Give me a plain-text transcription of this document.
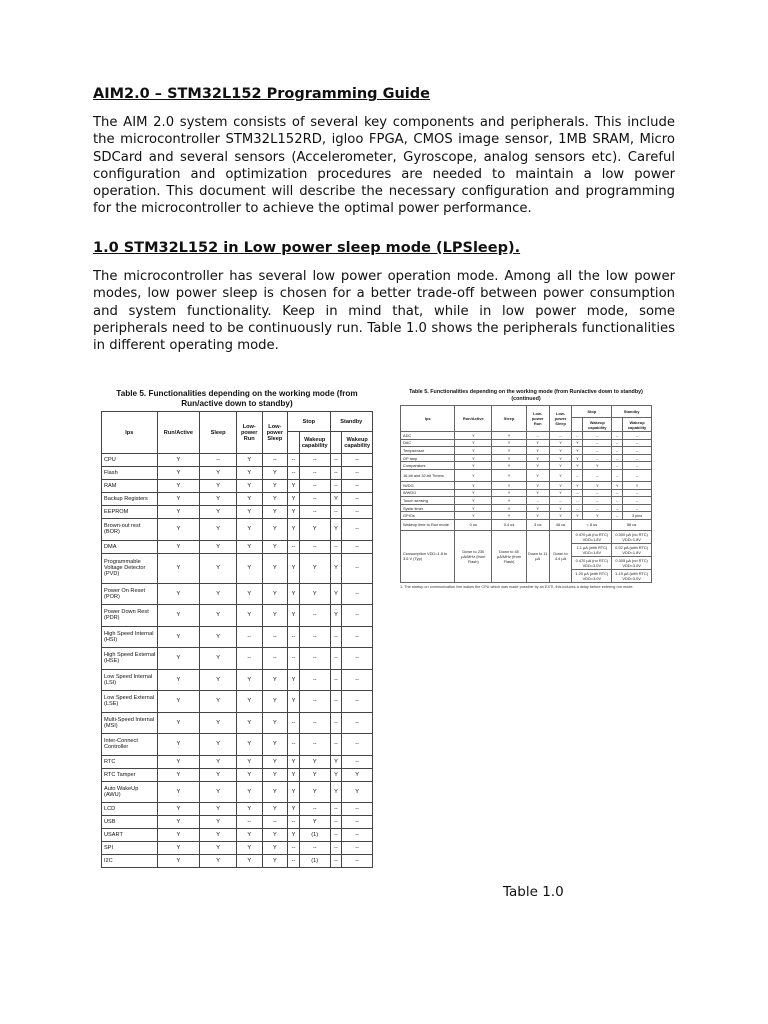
AIM2.0 – STM32L152 Programming Guide

The AIM 2.0 system consists of several key components and peripherals. This include the microcontroller STM32L152RD, igloo FPGA, CMOS image sensor, 1MB SRAM, Micro SDCard and several sensors (Accelerometer, Gyroscope, analog sensors etc). Careful configuration and optimization procedures are needed to maintain a low power operation. This document will describe the necessary configuration and programming for the microcontroller to achieve the optimal power performance.

1.0 STM32L152 in Low power sleep mode (LPSleep).

The microcontroller has several low power operation mode. Among all the low power modes, low power sleep is chosen for a better trade-off between power consumption and system functionality. Keep in mind that, while in low power mode, some peripherals need to be continuously run. Table 1.0 shows the peripherals functionalities in different operating mode.

Table 5. Functionalities depending on the working mode (from Run/active down to standby)
Ips	Run/Active	Sleep	Low-power Run	Low-power Sleep	Stop		Standby	
						Wakeup capability		Wakeup capability
CPU	Y	--	Y	--	--	--	--	--
Flash	Y	Y	Y	Y	--	--	--	--
RAM	Y	Y	Y	Y	Y	--	--	--
Backup Registers	Y	Y	Y	Y	Y	--	Y	--
EEPROM	Y	Y	Y	Y	Y	--	--	--
Brown-out rest (BOR)	Y	Y	Y	Y	Y	Y	Y	--
DMA	Y	Y	Y	Y	--	--	--	--
Programmable Voltage Detector (PVD)	Y	Y	Y	Y	Y	Y	Y	--
Power On Reset (POR)	Y	Y	Y	Y	Y	Y	Y	--
Power Down Rest (PDR)	Y	Y	Y	Y	Y	--	Y	--
High Speed Internal (HSI)	Y	Y	--	--	--	--	--	--
High Speed External (HSE)	Y	Y	--	--	--	--	--	--
Low Speed Internal (LSI)	Y	Y	Y	Y	Y	--	--	--
Low Speed External (LSE)	Y	Y	Y	Y	Y	--	--	--
Multi-Speed Internal (MSI)	Y	Y	Y	Y	--	--	--	--
Inter-Connect Controller	Y	Y	Y	Y	--	--	--	--
RTC	Y	Y	Y	Y	Y	Y	Y	--
RTC Tamper	Y	Y	Y	Y	Y	Y	Y	Y
Auto WakeUp (AWU)	Y	Y	Y	Y	Y	Y	Y	Y
LCD	Y	Y	Y	Y	Y	--	--	--
USB	Y	Y	--	--	--	Y	--	--
USART	Y	Y	Y	Y	Y	(1)	--	--
SPI	Y	Y	Y	Y	--	--	--	--
I2C	Y	Y	Y	Y	--	(1)	--	--
Table 5. Functionalities depending on the working mode (from Run/active down to standby) (continued)
Ips	Run/Active	Sleep	Low-power Run	Low-power Sleep	Stop		Standby	
						Wakeup capability		Wakeup capability
ADC	Y	Y	--	--	--	--	--	--
DAC	Y	Y	Y	Y	Y	--	--	--
Tempsensor	Y	Y	Y	Y	Y	--	--	--
OP amp	Y	Y	Y	Y	Y	--	--	--
Comparators	Y	Y	Y	Y	Y	Y	--	--
16-bit and 32-bit Timers	Y	Y	Y	Y	--	--	--	--
IWDG	Y	Y	Y	Y	Y	Y	Y	Y
WWDG	Y	Y	Y	Y	--	--	--	--
Touch sensing	Y	Y	--	--	--	--	--	--
Systic timer	Y	Y	Y	Y	--	--	--	--
GPIOs	Y	Y	Y	Y	Y	Y	--	3 pins
Wakeup time to Run mode	0 us	0.4 us	3 us	46 us	< 8 us		58 us	
Consumption VDD=1.8 to 3.6 V (Typ)	Down to 230 µA/MHz (from Flash)	Down to 45 µA/MHz (from Flash)	Down to 11 µA	Down to 4.4 µA	0.470 µA (no RTC) VDD=1.8V		0.300 µA (no RTC) VDD=1.8V	
					1.1 µA (with RTC) VDD=1.8V		0.92 µA (with RTC) VDD=1.8V	
					0.470 µA (no RTC) VDD=3.0V		0.305 µA (no RTC) VDD=3.0V	
					1.20 µA (with RTC) VDD=3.0V		1.15 µA (with RTC) VDD=3.0V	
1. The startup on communication line wakes the CPU which was made possible by an EXTI, this induces a delay before entering run mode.
Table 1.0
